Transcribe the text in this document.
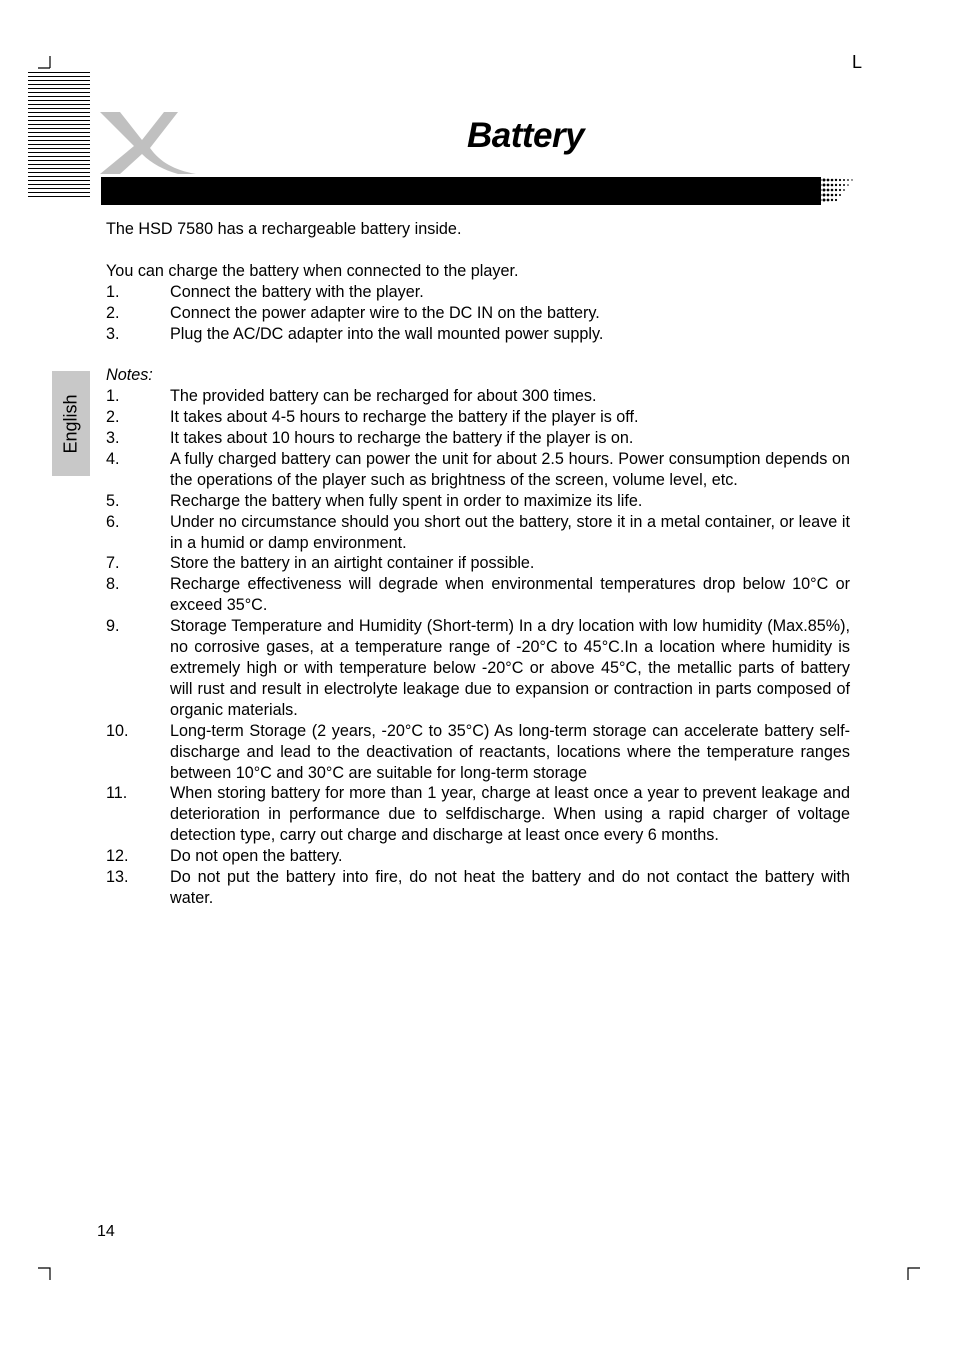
L
Battery
English

The HSD 7580 has a rechargeable battery inside.

You can charge the battery when connected to the player.

1.	Connect the battery with the player.
2.	Connect the power adapter wire to the DC IN on the battery.
3.	Plug the AC/DC adapter into the wall mounted power supply.

Notes:

1.	The provided battery can be recharged for about 300 times.
2.	It takes about 4-5 hours to recharge the battery if the player is off.
3.	It takes about 10 hours to recharge the battery if the player is on.
4.	A fully charged battery can power the unit for about 2.5 hours. Power consumption depends on the operations of the player such as brightness of the screen, volume level, etc.
5.	Recharge the battery when fully spent in order to maximize its life.
6.	Under no circumstance should you short out the battery, store it in a metal container, or leave it in a humid or damp environment.
7.	Store the battery in an airtight container if possible.
8.	Recharge effectiveness will degrade when environmental temperatures drop below 10°C or exceed 35°C.
9.	Storage Temperature and Humidity (Short-term) In a dry location with low humidity (Max.85%), no corrosive gases, at a temperature range of -20°C to 45°C.In a location where humidity is extremely high or with temperature below -20°C or above 45°C, the metallic parts of battery will rust and result in electrolyte leakage due to expansion or contraction in parts composed of organic materials.
10.	Long-term Storage (2 years, -20°C to 35°C) As long-term storage can accelerate battery self-discharge and lead to the deactivation of reactants, locations where the temperature ranges between 10°C and 30°C are suitable for long-term storage
11.	When storing battery for more than 1 year, charge at least once a year to prevent leakage and deterioration in performance due to selfdischarge. When using a rapid charger of voltage detection type, carry out charge and discharge at least once every 6 months.
12.	Do not open the battery.
13.	Do not put the battery into fire, do not heat the battery and do not contact the battery with water.
14
